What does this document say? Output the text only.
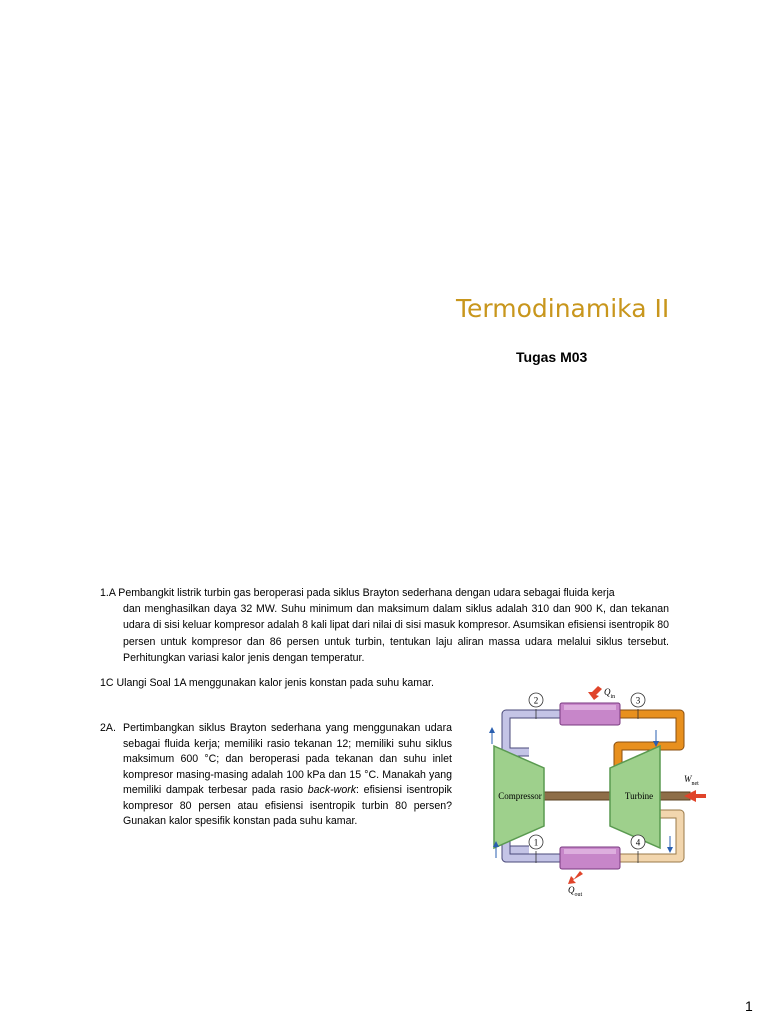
Termodinamika II

Tugas M03

1.A Pembangkit listrik turbin gas beroperasi pada siklus Brayton sederhana dengan udara sebagai fluida kerja
dan menghasilkan daya 32 MW. Suhu minimum dan maksimum dalam siklus adalah 310 dan 900 K, dan tekanan udara di sisi keluar kompresor adalah 8 kali lipat dari nilai di sisi masuk kompresor. Asumsikan efisiensi isentropik 80 persen untuk kompresor dan 86 persen untuk turbin, tentukan laju aliran massa udara melalui siklus tersebut. Perhitungkan variasi kalor jenis dengan temperatur.

1C Ulangi Soal 1A menggunakan kalor jenis konstan pada suhu kamar.

2A. Pertimbangkan siklus Brayton sederhana yang menggunakan udara sebagai fluida kerja; memiliki rasio tekanan 12; memiliki suhu siklus maksimum 600 °C; dan beroperasi pada tekanan dan suhu inlet kompresor masing-masing adalah 100 kPa dan 15 °C. Manakah yang memiliki dampak terbesar pada rasio back-work: efisiensi isentropik kompresor 80 persen atau efisiensi isentropik turbin 80 persen? Gunakan kalor spesifik konstan pada suhu kamar.
Compressor	Turbine
$W_{net}$
$Q_{in}$
$Q_{out}$
2	3
1	4

1
